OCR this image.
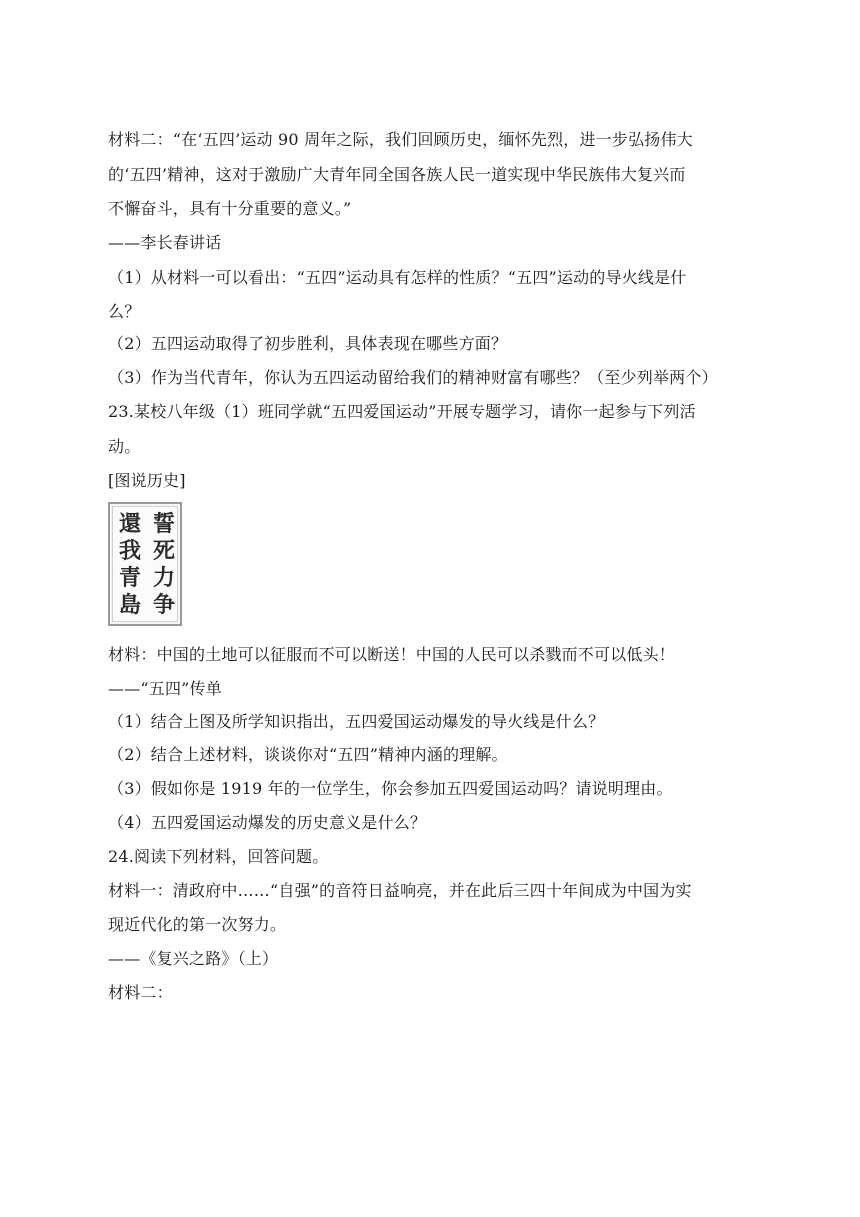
材料二：“在‘五四’运动 90 周年之际，我们回顾历史，缅怀先烈，进一步弘扬伟大
的‘五四’精神，这对于激励广大青年同全国各族人民一道实现中华民族伟大复兴而
不懈奋斗，具有十分重要的意义。”
——李长春讲话
（1）从材料一可以看出：“五四”运动具有怎样的性质？“五四”运动的导火线是什
么？
（2）五四运动取得了初步胜利，具体表现在哪些方面？
（3）作为当代青年，你认为五四运动留给我们的精神财富有哪些？（至少列举两个）
23.某校八年级（1）班同学就“五四爱国运动”开展专题学习，请你一起参与下列活
动。
[图说历史]
誓
死
力
争
還
我
青
島
材料：中国的土地可以征服而不可以断送！中国的人民可以杀戮而不可以低头！
——“五四”传单
（1）结合上图及所学知识指出，五四爱国运动爆发的导火线是什么？
（2）结合上述材料，谈谈你对“五四”精神内涵的理解。
（3）假如你是 1919 年的一位学生，你会参加五四爱国运动吗？请说明理由。
（4）五四爱国运动爆发的历史意义是什么？
24.阅读下列材料，回答问题。
材料一：清政府中……“自强”的音符日益响亮，并在此后三四十年间成为中国为实
现近代化的第一次努力。
——《复兴之路》（上）
材料二：
